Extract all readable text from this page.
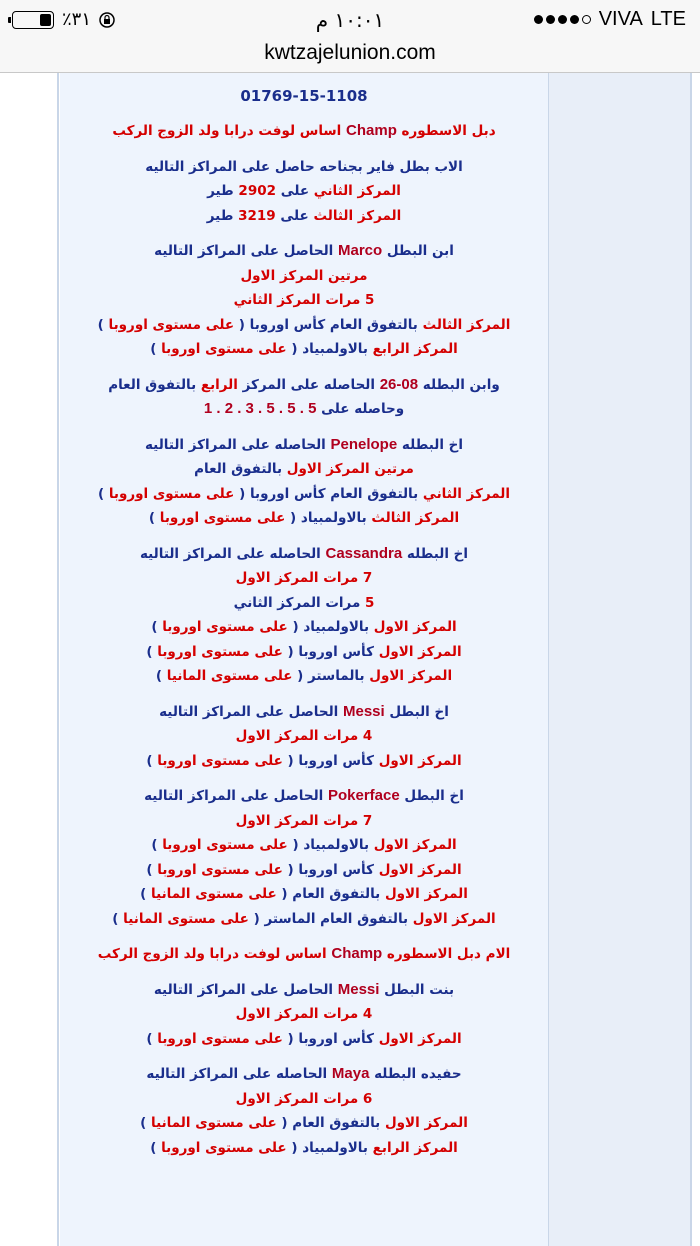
٪٣١	١٠:٠١ م	VIVA LTE
kwtzajelunion.com
01769-15-1108
دبل الاسطوره Champ اساس لوفت درابا ولد الزوج الركب
الاب بطل فاير بجناحه حاصل على المراكز التاليه
المركز الثاني على 2902 طير
المركز الثالث على 3219 طير
ابن البطل Marco الحاصل على المراكز التاليه
مرتين المركز الاول
5 مرات المركز الثاني
المركز الثالث بالتفوق العام كأس اوروبا ( على مستوى اوروبا )
المركز الرابع بالاولمبياد ( على مستوى اوروبا )
وابن البطله 26-08 الحاصله على المركز الرابع بالتفوق العام
وحاصله على 1 . 2 . 3 . 5 . 5 . 5
اخ البطله Penelope الحاصله على المراكز التاليه
مرتين المركز الاول بالتفوق العام
المركز الثاني بالتفوق العام كأس اوروبا ( على مستوى اوروبا )
المركز الثالث بالاولمبياد ( على مستوى اوروبا )
اخ البطله Cassandra الحاصله على المراكز التاليه
7 مرات المركز الاول
5 مرات المركز الثاني
المركز الاول بالاولمبياد ( على مستوى اوروبا )
المركز الاول كأس اوروبا ( على مستوى اوروبا )
المركز الاول بالماستر ( على مستوى المانيا )
اخ البطل Messi الحاصل على المراكز التاليه
4 مرات المركز الاول
المركز الاول كأس اوروبا ( على مستوى اوروبا )
اخ البطل Pokerface الحاصل على المراكز التاليه
7 مرات المركز الاول
المركز الاول بالاولمبياد ( على مستوى اوروبا )
المركز الاول كأس اوروبا ( على مستوى اوروبا )
المركز الاول بالتفوق العام ( على مستوى المانيا )
المركز الاول بالتفوق العام الماستر ( على مستوى المانيا )
الام دبل الاسطوره Champ اساس لوفت درابا ولد الزوج الركب
بنت البطل Messi الحاصل على المراكز التاليه
4 مرات المركز الاول
المركز الاول كأس اوروبا ( على مستوى اوروبا )
حفيده البطله Maya الحاصله على المراكز التاليه
6 مرات المركز الاول
المركز الاول بالتفوق العام ( على مستوى المانيا )
المركز الرابع بالاولمبياد ( على مستوى اوروبا )
